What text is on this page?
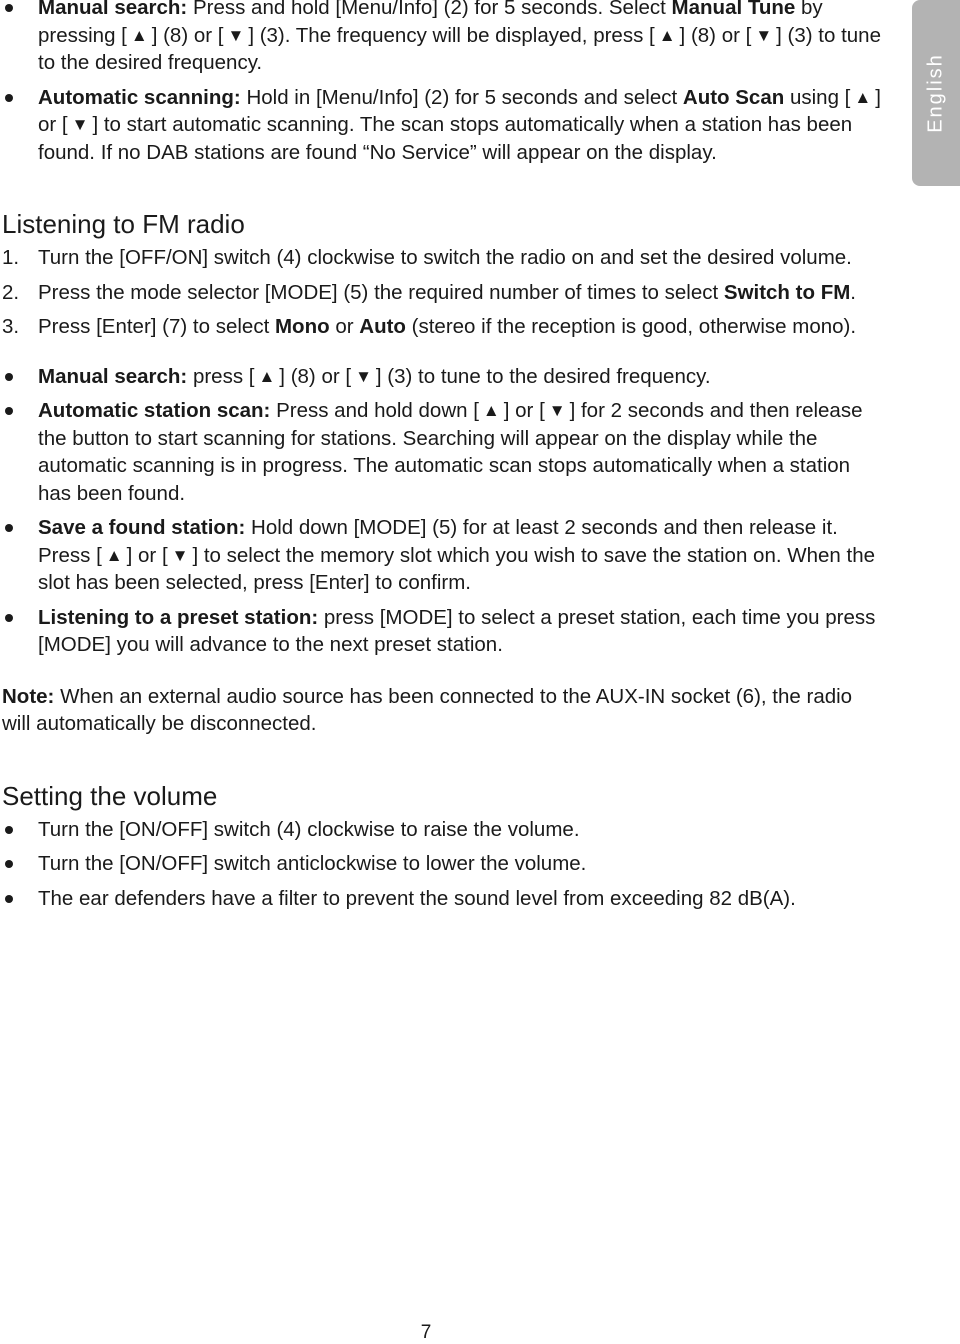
English
Manual search: Press and hold [Menu/Info] (2) for 5 seconds. Select Manual Tune by pressing [ ▲ ] (8) or [ ▼ ] (3). The frequency will be displayed, press [ ▲ ] (8) or [ ▼ ] (3) to tune to the desired frequency.
Automatic scanning: Hold in [Menu/Info] (2) for 5 seconds and select Auto Scan using [ ▲ ] or [ ▼ ] to start automatic scanning. The scan stops automatically when a station has been found. If no DAB stations are found “No Service” will appear on the display.
Listening to FM radio
1. Turn the [OFF/ON] switch (4) clockwise to switch the radio on and set the desired volume.
2. Press the mode selector [MODE] (5) the required number of times to select Switch to FM.
3. Press [Enter] (7) to select Mono or Auto (stereo if the reception is good, otherwise mono).
Manual search: press [ ▲ ] (8) or [ ▼ ] (3) to tune to the desired frequency.
Automatic station scan: Press and hold down [ ▲ ] or [ ▼ ] for 2 seconds and then release the button to start scanning for stations. Searching will appear on the display while the automatic scanning is in progress. The automatic scan stops automatically when a station has been found.
Save a found station: Hold down [MODE] (5) for at least 2 seconds and then release it. Press [ ▲ ] or [ ▼ ] to select the memory slot which you wish to save the station on. When the slot has been selected, press [Enter] to confirm.
Listening to a preset station: press [MODE] to select a preset station, each time you press [MODE] you will advance to the next preset station.

Note: When an external audio source has been connected to the AUX-IN socket (6), the radio will automatically be disconnected.

Setting the volume
Turn the [ON/OFF] switch (4) clockwise to raise the volume.
Turn the [ON/OFF] switch anticlockwise to lower the volume.
The ear defenders have a filter to prevent the sound level from exceeding 82 dB(A).
7
